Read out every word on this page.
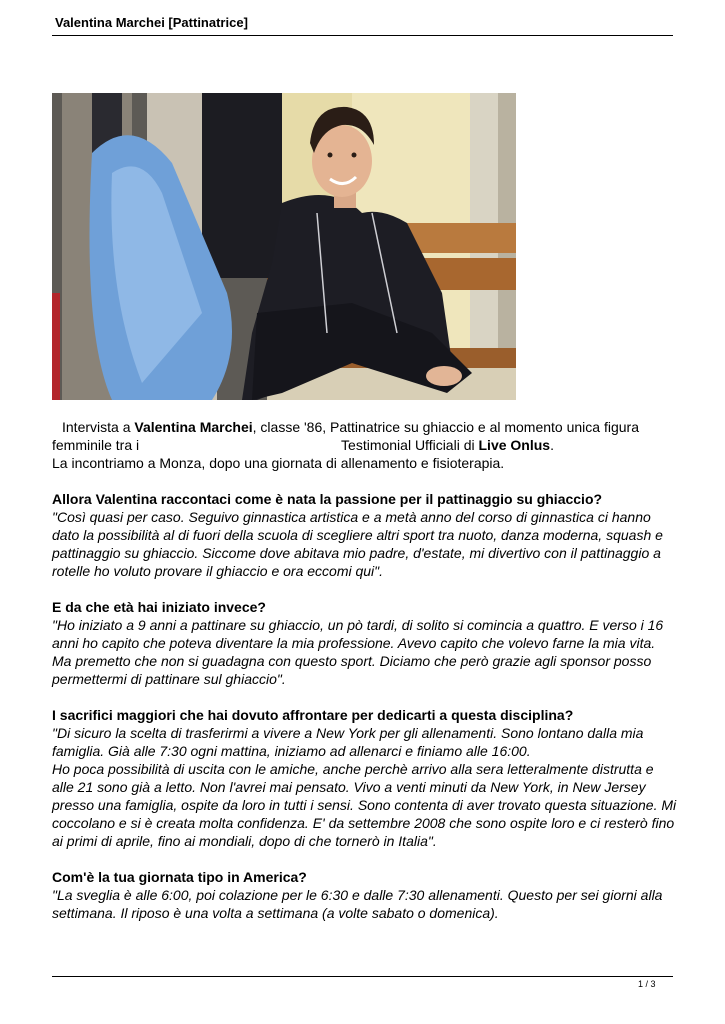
Valentina Marchei [Pattinatrice]

Intervista a Valentina Marchei, classe '86, Pattinatrice su ghiaccio e al momento unica figura femminile tra i	Testimonial Ufficiali di Live Onlus.
La incontriamo a Monza, dopo una giornata di allenamento e fisioterapia.

Allora Valentina raccontaci come è nata la passione per il pattinaggio su ghiaccio?

"Così quasi per caso. Seguivo ginnastica artistica e a metà anno del corso di ginnastica ci hanno dato la possibilità al di fuori della scuola di scegliere altri sport tra nuoto, danza moderna, squash e pattinaggio su ghiaccio. Siccome dove abitava mio padre, d'estate, mi divertivo con il pattinaggio a rotelle ho voluto provare il ghiaccio e ora eccomi qui".

E da che età hai iniziato invece?

"Ho iniziato a 9 anni a pattinare su ghiaccio, un pò tardi, di solito si comincia a quattro. E verso i 16 anni ho capito che poteva diventare la mia professione. Avevo capito che volevo farne la mia vita. Ma premetto che non si guadagna con questo sport. Diciamo che però grazie agli sponsor posso permettermi di pattinare sul ghiaccio".

I sacrifici maggiori che hai dovuto affrontare per dedicarti a questa disciplina?

"Di sicuro la scelta di trasferirmi a vivere a New York per gli allenamenti. Sono lontano dalla mia famiglia. Già alle 7:30 ogni mattina, iniziamo ad allenarci e finiamo alle 16:00.

Ho poca possibilità di uscita con le amiche, anche perchè arrivo alla sera letteralmente distrutta e alle 21 sono già a letto. Non l'avrei mai pensato. Vivo a venti minuti da New York, in New Jersey presso una famiglia, ospite da loro in tutti i sensi. Sono contenta di aver trovato questa situazione. Mi coccolano e si è creata molta confidenza. E' da settembre 2008 che sono ospite loro e ci resterò fino ai primi di aprile, fino ai mondiali, dopo di che tornerò in Italia".

Com'è la tua giornata tipo in America?

"La sveglia è alle 6:00, poi colazione per le 6:30 e dalle 7:30 allenamenti. Questo per sei giorni alla settimana. Il riposo è una volta a settimana (a volte sabato o domenica).

1 / 3
